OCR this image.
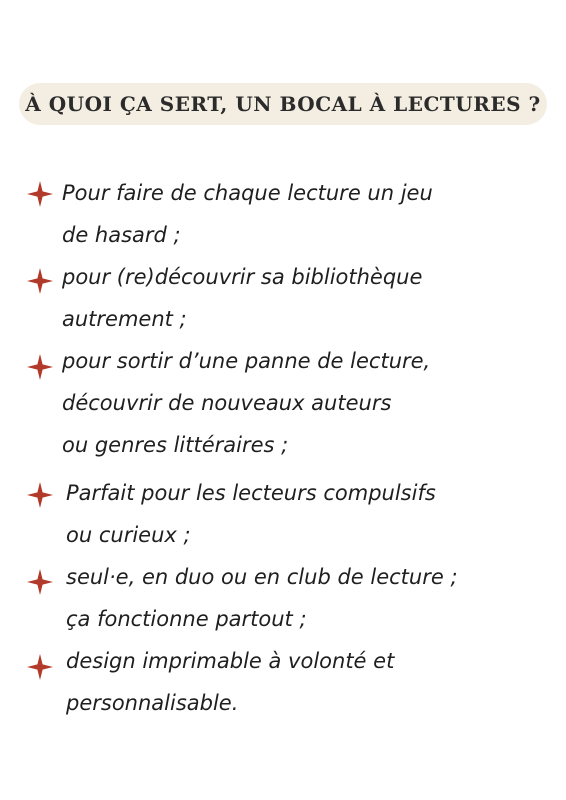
À QUOI ÇA SERT, UN BOCAL À LECTURES ?
Pour faire de chaque lecture un jeu
de hasard ;
pour (re)découvrir sa bibliothèque
autrement ;
pour sortir d’une panne de lecture,
découvrir de nouveaux auteurs
ou genres littéraires ;
Parfait pour les lecteurs compulsifs
ou curieux ;
seul·e, en duo ou en club de lecture ;
ça fonctionne partout ;
design imprimable à volonté et
personnalisable.
